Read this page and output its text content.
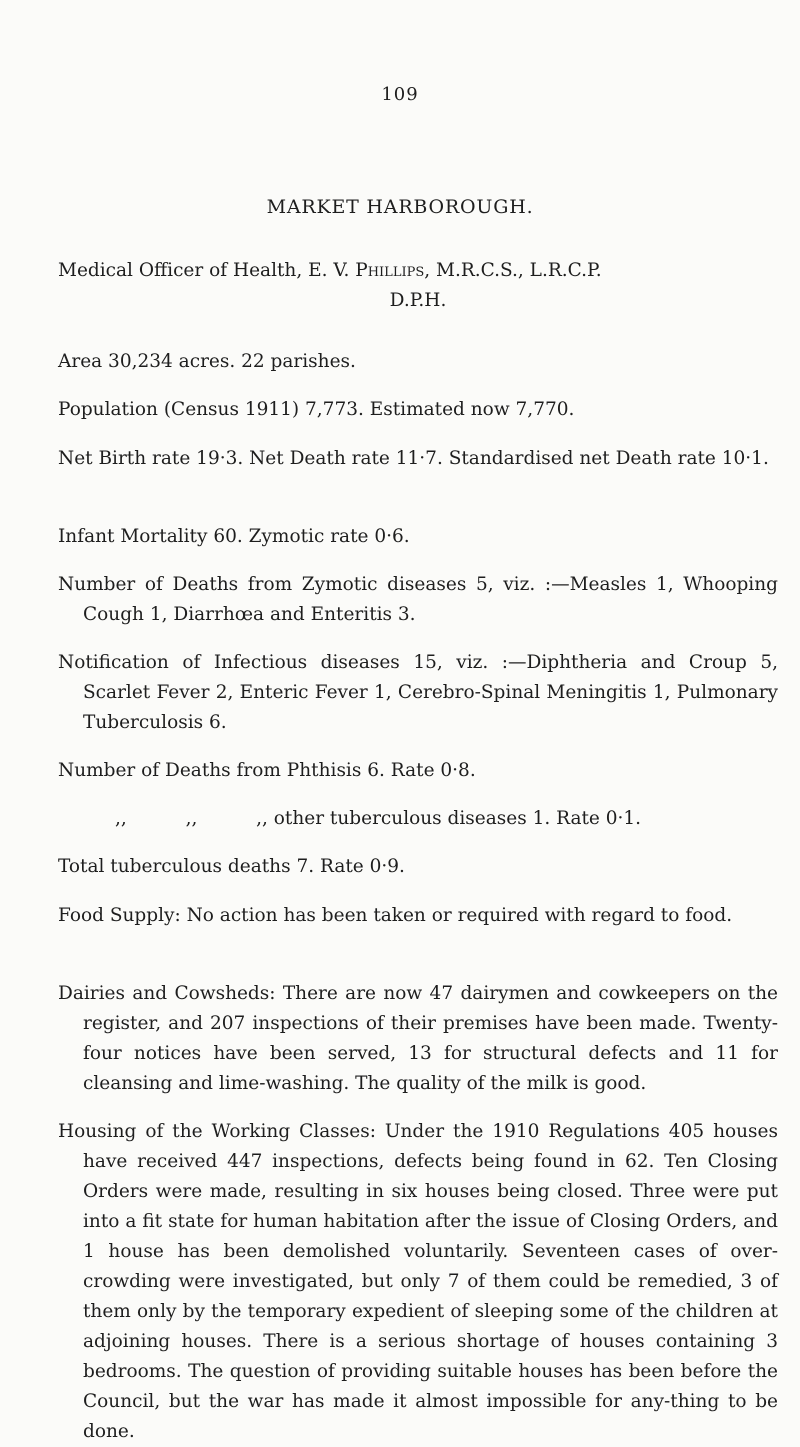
109
MARKET HARBOROUGH.
Medical Officer of Health, E. V. Phillips, M.R.C.S., L.R.C.P.
D.P.H.
Area 30,234 acres. 22 parishes.
Population (Census 1911) 7,773. Estimated now 7,770.
Net Birth rate 19·3. Net Death rate 11·7. Standardised net Death rate 10·1.
Infant Mortality 60. Zymotic rate 0·6.
Number of Deaths from Zymotic diseases 5, viz. :—Measles 1, Whooping Cough 1, Diarrhœa and Enteritis 3.
Notification of Infectious diseases 15, viz. :—Diphtheria and Croup 5, Scarlet Fever 2, Enteric Fever 1, Cerebro-Spinal Meningitis 1, Pulmonary Tuberculosis 6.
Number of Deaths from Phthisis 6. Rate 0·8.
,,          ,,          ,, other tuberculous diseases 1. Rate 0·1.
Total tuberculous deaths 7. Rate 0·9.
Food Supply: No action has been taken or required with regard to food.
Dairies and Cowsheds: There are now 47 dairymen and cowkeepers on the register, and 207 inspections of their premises have been made. Twenty-four notices have been served, 13 for structural defects and 11 for cleansing and lime-washing. The quality of the milk is good.
Housing of the Working Classes: Under the 1910 Regulations 405 houses have received 447 inspections, defects being found in 62. Ten Closing Orders were made, resulting in six houses being closed. Three were put into a fit state for human habitation after the issue of Closing Orders, and 1 house has been demolished voluntarily. Seventeen cases of over-crowding were investigated, but only 7 of them could be remedied, 3 of them only by the temporary expedient of sleeping some of the children at adjoining houses. There is a serious shortage of houses containing 3 bedrooms. The question of providing suitable houses has been before the Council, but the war has made it almost impossible for any-thing to be done.
